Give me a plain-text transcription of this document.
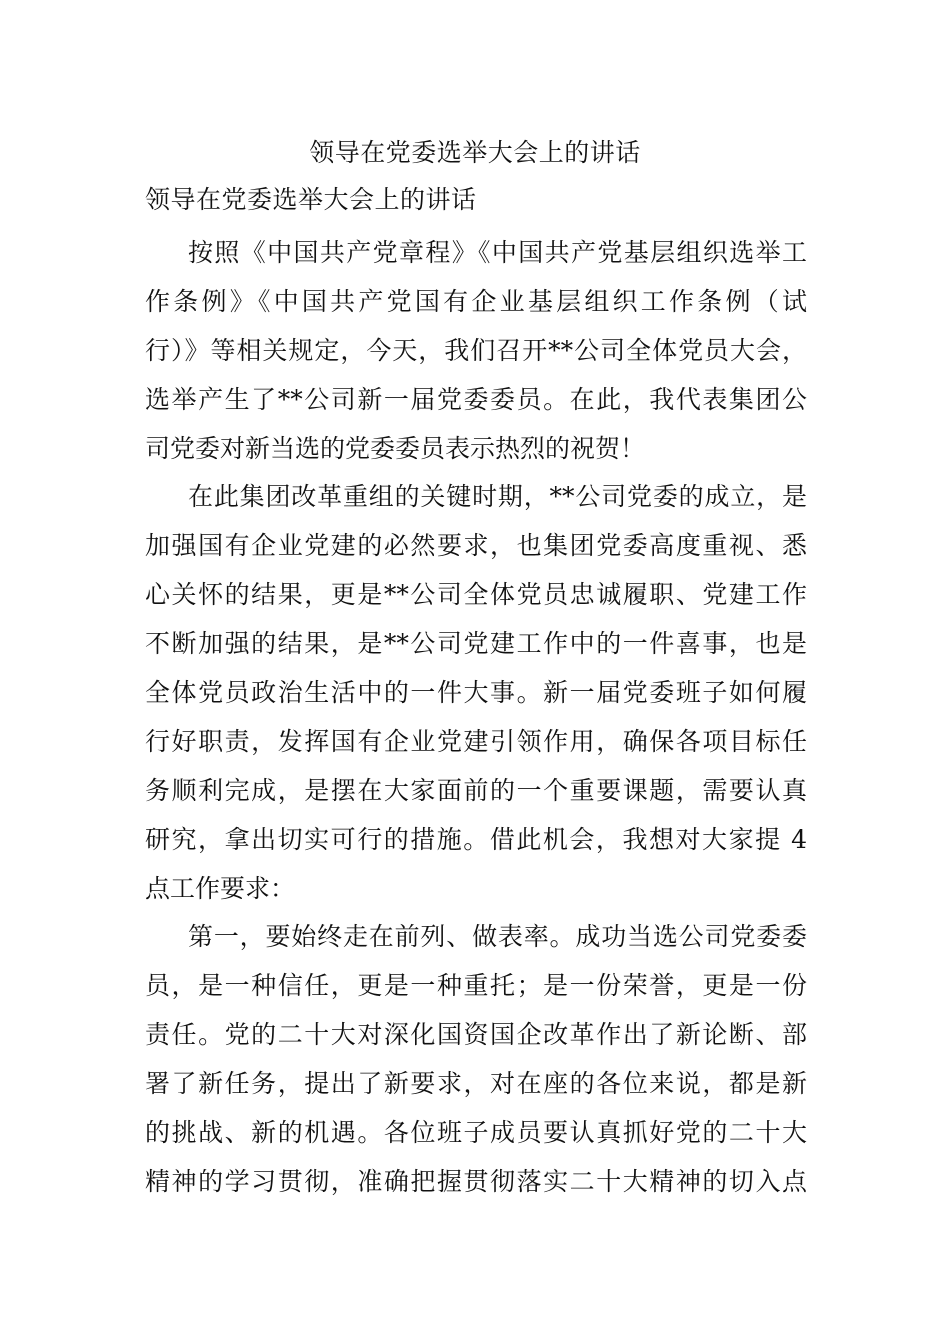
领导在党委选举大会上的讲话
领导在党委选举大会上的讲话
按照《中国共产党章程》《中国共产党基层组织选举工
作条例》《中国共产党国有企业基层组织工作条例（试
行）》等相关规定，今天，我们召开**公司全体党员大会，
选举产生了**公司新一届党委委员。在此，我代表集团公
司党委对新当选的党委委员表示热烈的祝贺！
在此集团改革重组的关键时期，**公司党委的成立，是
加强国有企业党建的必然要求，也集团党委高度重视、悉
心关怀的结果，更是**公司全体党员忠诚履职、党建工作
不断加强的结果，是**公司党建工作中的一件喜事，也是
全体党员政治生活中的一件大事。新一届党委班子如何履
行好职责，发挥国有企业党建引领作用，确保各项目标任
务顺利完成，是摆在大家面前的一个重要课题，需要认真
研究，拿出切实可行的措施。借此机会，我想对大家提 4
点工作要求：
第一，要始终走在前列、做表率。成功当选公司党委委
员，是一种信任，更是一种重托；是一份荣誉，更是一份
责任。党的二十大对深化国资国企改革作出了新论断、部
署了新任务，提出了新要求，对在座的各位来说，都是新
的挑战、新的机遇。各位班子成员要认真抓好党的二十大
精神的学习贯彻，准确把握贯彻落实二十大精神的切入点
